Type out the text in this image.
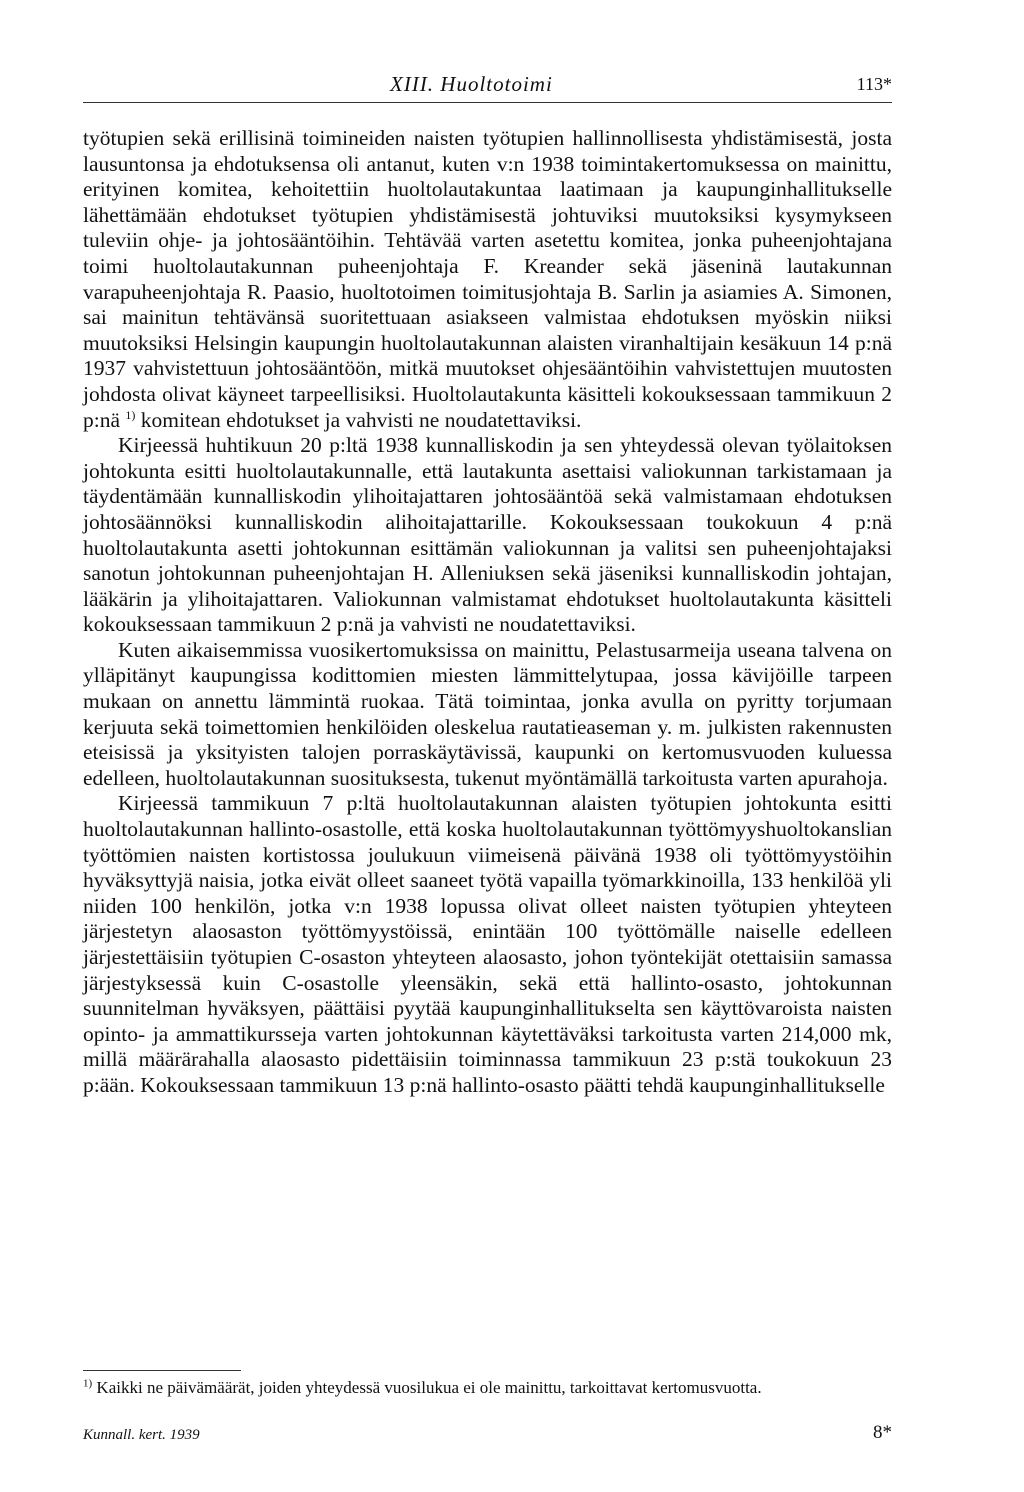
XIII. Huoltotoimi	113*

työtupien sekä erillisinä toimineiden naisten työtupien hallinnollisesta yhdistämisestä, josta lausuntonsa ja ehdotuksensa oli antanut, kuten v:n 1938 toimintakertomuksessa on mainittu, erityinen komitea, kehoitettiin huoltolautakuntaa laatimaan ja kaupunginhallitukselle lähettämään ehdotukset työtupien yhdistämisestä johtuviksi muutoksiksi kysymykseen tuleviin ohje- ja johtosääntöihin. Tehtävää varten asetettu komitea, jonka puheenjohtajana toimi huoltolautakunnan puheenjohtaja F. Kreander sekä jäseninä lautakunnan varapuheenjohtaja R. Paasio, huoltotoimen toimitusjohtaja B. Sarlin ja asiamies A. Simonen, sai mainitun tehtävänsä suoritettuaan asiakseen valmistaa ehdotuksen myöskin niiksi muutoksiksi Helsingin kaupungin huoltolautakunnan alaisten viranhaltijain kesäkuun 14 p:nä 1937 vahvistettuun johtosääntöön, mitkä muutokset ohjesääntöihin vahvistettujen muutosten johdosta olivat käyneet tarpeellisiksi. Huoltolautakunta käsitteli kokouksessaan tammikuun 2 p:nä $^{1)}$ komitean ehdotukset ja vahvisti ne noudatettaviksi.

Kirjeessä huhtikuun 20 p:ltä 1938 kunnalliskodin ja sen yhteydessä olevan työlaitoksen johtokunta esitti huoltolautakunnalle, että lautakunta asettaisi valiokunnan tarkistamaan ja täydentämään kunnalliskodin ylihoitajattaren johtosääntöä sekä valmistamaan ehdotuksen johtosäännöksi kunnalliskodin alihoitajattarille. Kokouksessaan toukokuun 4 p:nä huoltolautakunta asetti johtokunnan esittämän valiokunnan ja valitsi sen puheenjohtajaksi sanotun johtokunnan puheenjohtajan H. Alleniuksen sekä jäseniksi kunnalliskodin johtajan, lääkärin ja ylihoitajattaren. Valiokunnan valmistamat ehdotukset huoltolautakunta käsitteli kokouksessaan tammikuun 2 p:nä ja vahvisti ne noudatettaviksi.

Kuten aikaisemmissa vuosikertomuksissa on mainittu, Pelastusarmeija useana talvena on ylläpitänyt kaupungissa kodittomien miesten lämmittelytupaa, jossa kävijöille tarpeen mukaan on annettu lämmintä ruokaa. Tätä toimintaa, jonka avulla on pyritty torjumaan kerjuuta sekä toimettomien henkilöiden oleskelua rautatieaseman y. m. julkisten rakennusten eteisissä ja yksityisten talojen porraskäytävissä, kaupunki on kertomusvuoden kuluessa edelleen, huoltolautakunnan suosituksesta, tukenut myöntämällä tarkoitusta varten apurahoja.

Kirjeessä tammikuun 7 p:ltä huoltolautakunnan alaisten työtupien johtokunta esitti huoltolautakunnan hallinto-osastolle, että koska huoltolautakunnan työttömyyshuoltokanslian työttömien naisten kortistossa joulukuun viimeisenä päivänä 1938 oli työttömyystöihin hyväksyttyjä naisia, jotka eivät olleet saaneet työtä vapailla työmarkkinoilla, 133 henkilöä yli niiden 100 henkilön, jotka v:n 1938 lopussa olivat olleet naisten työtupien yhteyteen järjestetyn alaosaston työttömyystöissä, enintään 100 työttömälle naiselle edelleen järjestettäisiin työtupien C-osaston yhteyteen alaosasto, johon työntekijät otettaisiin samassa järjestyksessä kuin C-osastolle yleensäkin, sekä että hallinto-osasto, johtokunnan suunnitelman hyväksyen, päättäisi pyytää kaupunginhallitukselta sen käyttövaroista naisten opinto- ja ammattikursseja varten johtokunnan käytettäväksi tarkoitusta varten 214,000 mk, millä määrärahalla alaosasto pidettäisiin toiminnassa tammikuun 23 p:stä toukokuun 23 p:ään. Kokouksessaan tammikuun 13 p:nä hallinto-osasto päätti tehdä kaupunginhallitukselle

$^{1)}$ Kaikki ne päivämäärät, joiden yhteydessä vuosilukua ei ole mainittu, tarkoittavat kertomusvuotta.
Kunnall. kert. 1939	8*
